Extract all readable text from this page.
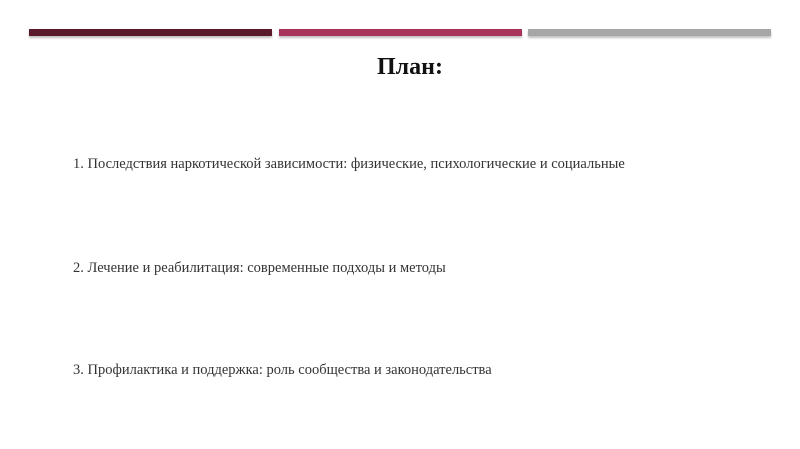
План:
1. Последствия наркотической зависимости: физические, психологические и социальные
2. Лечение и реабилитация: современные подходы и методы
3. Профилактика и поддержка: роль сообщества и законодательства
